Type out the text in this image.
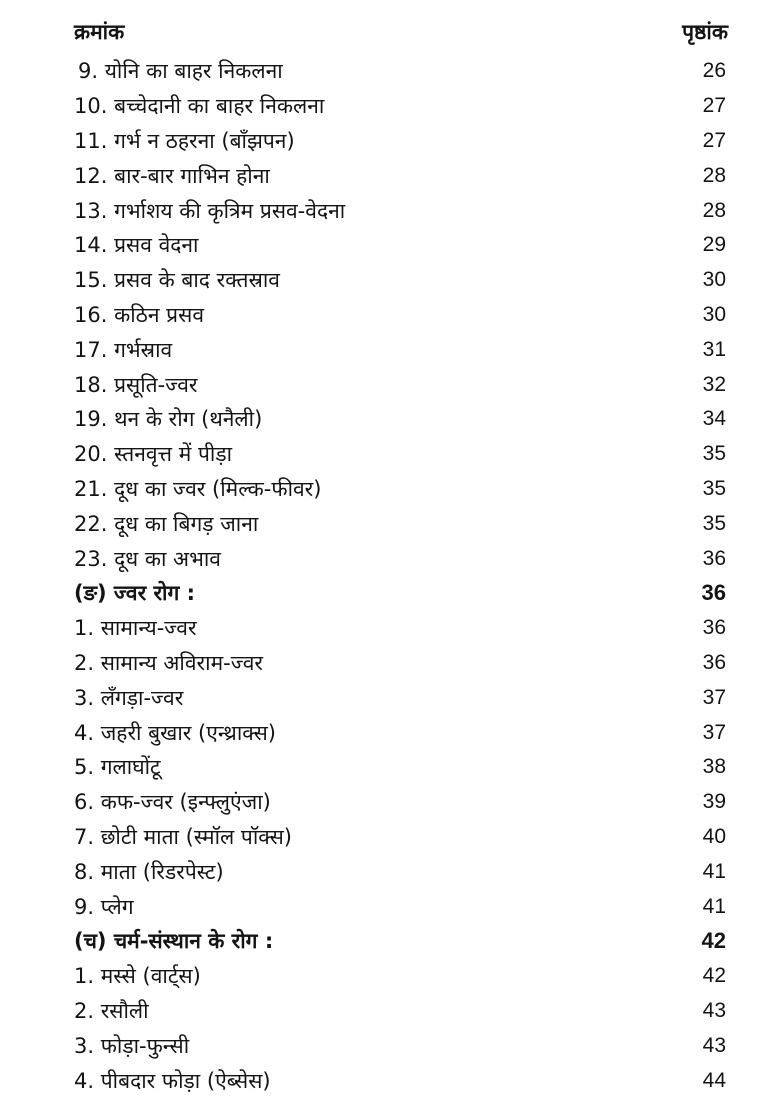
क्रमांक	पृष्ठांक
9. योनि का बाहर निकलना	26
10. बच्चेदानी का बाहर निकलना	27
11. गर्भ न ठहरना (बाँझपन)	27
12. बार-बार गाभिन होना	28
13. गर्भाशय की कृत्रिम प्रसव-वेदना	28
14. प्रसव वेदना	29
15. प्रसव के बाद रक्तस्राव	30
16. कठिन प्रसव	30
17. गर्भस्राव	31
18. प्रसूति-ज्वर	32
19. थन के रोग (थनैली)	34
20. स्तनवृत्त में पीड़ा	35
21. दूध का ज्वर (मिल्क-फीवर)	35
22. दूध का बिगड़ जाना	35
23. दूध का अभाव	36
(ङ) ज्वर रोग :	36
1. सामान्य-ज्वर	36
2. सामान्य अविराम-ज्वर	36
3. लँगड़ा-ज्वर	37
4. जहरी बुखार (एन्थ्राक्स)	37
5. गलाघोंटू	38
6. कफ-ज्वर (इन्फ्लुएंजा)	39
7. छोटी माता (स्मॉल पॉक्स)	40
8. माता (रिडरपेस्ट)	41
9. प्लेग	41
(च) चर्म-संस्थान के रोग :	42
1. मस्से (वार्ट्स)	42
2. रसौली	43
3. फोड़ा-फुन्सी	43
4. पीबदार फोड़ा (ऐब्सेस)	44
